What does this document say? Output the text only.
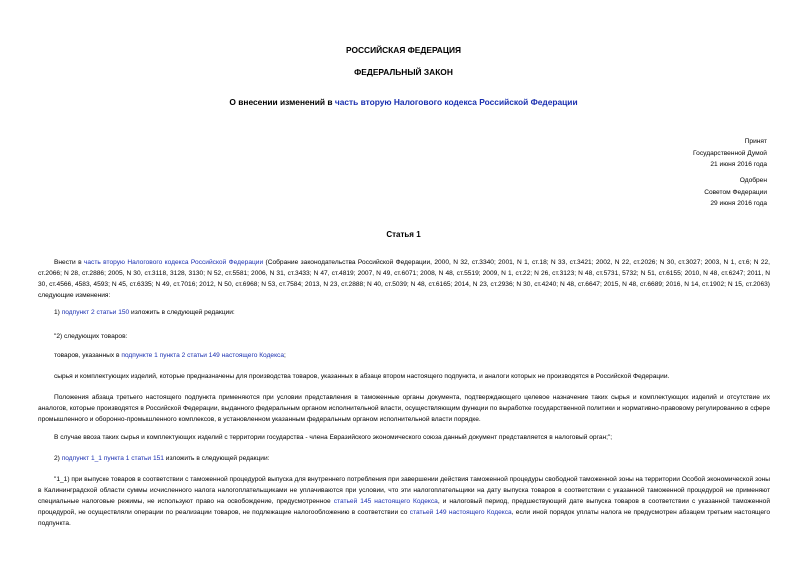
РОССИЙСКАЯ ФЕДЕРАЦИЯ
ФЕДЕРАЛЬНЫЙ ЗАКОН
О внесении изменений в часть вторую Налогового кодекса Российской Федерации
Принят
Государственной Думой
21 июня 2016 года
Одобрен
Советом Федерации
29 июня 2016 года
Статья 1
Внести в часть вторую Налогового кодекса Российской Федерации (Собрание законодательства Российской Федерации, 2000, N 32, ст.3340; 2001, N 1, ст.18; N 33, ст.3421; 2002, N 22, ст.2026; N 30, ст.3027; 2003, N 1, ст.6; N 22, ст.2066; N 28, ст.2886; 2005, N 30, ст.3118, 3128, 3130; N 52, ст.5581; 2006, N 31, ст.3433; N 47, ст.4819; 2007, N 49, ст.6071; 2008, N 48, ст.5519; 2009, N 1, ст.22; N 26, ст.3123; N 48, ст.5731, 5732; N 51, ст.6155; 2010, N 48, ст.6247; 2011, N 30, ст.4566, 4583, 4593; N 45, ст.6335; N 49, ст.7016; 2012, N 50, ст.6968; N 53, ст.7584; 2013, N 23, ст.2888; N 40, ст.5039; N 48, ст.6165; 2014, N 23, ст.2936; N 30, ст.4240; N 48, ст.6647; 2015, N 48, ст.6689; 2016, N 14, ст.1902; N 15, ст.2063) следующие изменения:
1) подпункт 2 статьи 150 изложить в следующей редакции:
"2) следующих товаров:
товаров, указанных в подпункте 1 пункта 2 статьи 149 настоящего Кодекса;
сырья и комплектующих изделий, которые предназначены для производства товаров, указанных в абзаце втором настоящего подпункта, и аналоги которых не производятся в Российской Федерации.
Положения абзаца третьего настоящего подпункта применяются при условии представления в таможенные органы документа, подтверждающего целевое назначение таких сырья и комплектующих изделий и отсутствие их аналогов, которые производятся в Российской Федерации, выданного федеральным органом исполнительной власти, осуществляющим функции по выработке государственной политики и нормативно-правовому регулированию в сфере промышленного и оборонно-промышленного комплексов, в установленном указанным федеральным органом исполнительной власти порядке.
В случае ввоза таких сырья и комплектующих изделий с территории государства - члена Евразийского экономического союза данный документ представляется в налоговый орган;";
2) подпункт 1_1 пункта 1 статьи 151 изложить в следующей редакции:
"1_1) при выпуске товаров в соответствии с таможенной процедурой выпуска для внутреннего потребления при завершении действия таможенной процедуры свободной таможенной зоны на территории Особой экономической зоны в Калининградской области суммы исчисленного налога налогоплательщиками не уплачиваются при условии, что эти налогоплательщики на дату выпуска товаров в соответствии с указанной таможенной процедурой не применяют специальные налоговые режимы, не используют право на освобождение, предусмотренное статьей 145 настоящего Кодекса, и налоговый период, предшествующий дате выпуска товаров в соответствии с указанной таможенной процедурой, не осуществляли операции по реализации товаров, не подлежащие налогообложению в соответствии со статьей 149 настоящего Кодекса, если иной порядок уплаты налога не предусмотрен абзацем третьим настоящего подпункта.
